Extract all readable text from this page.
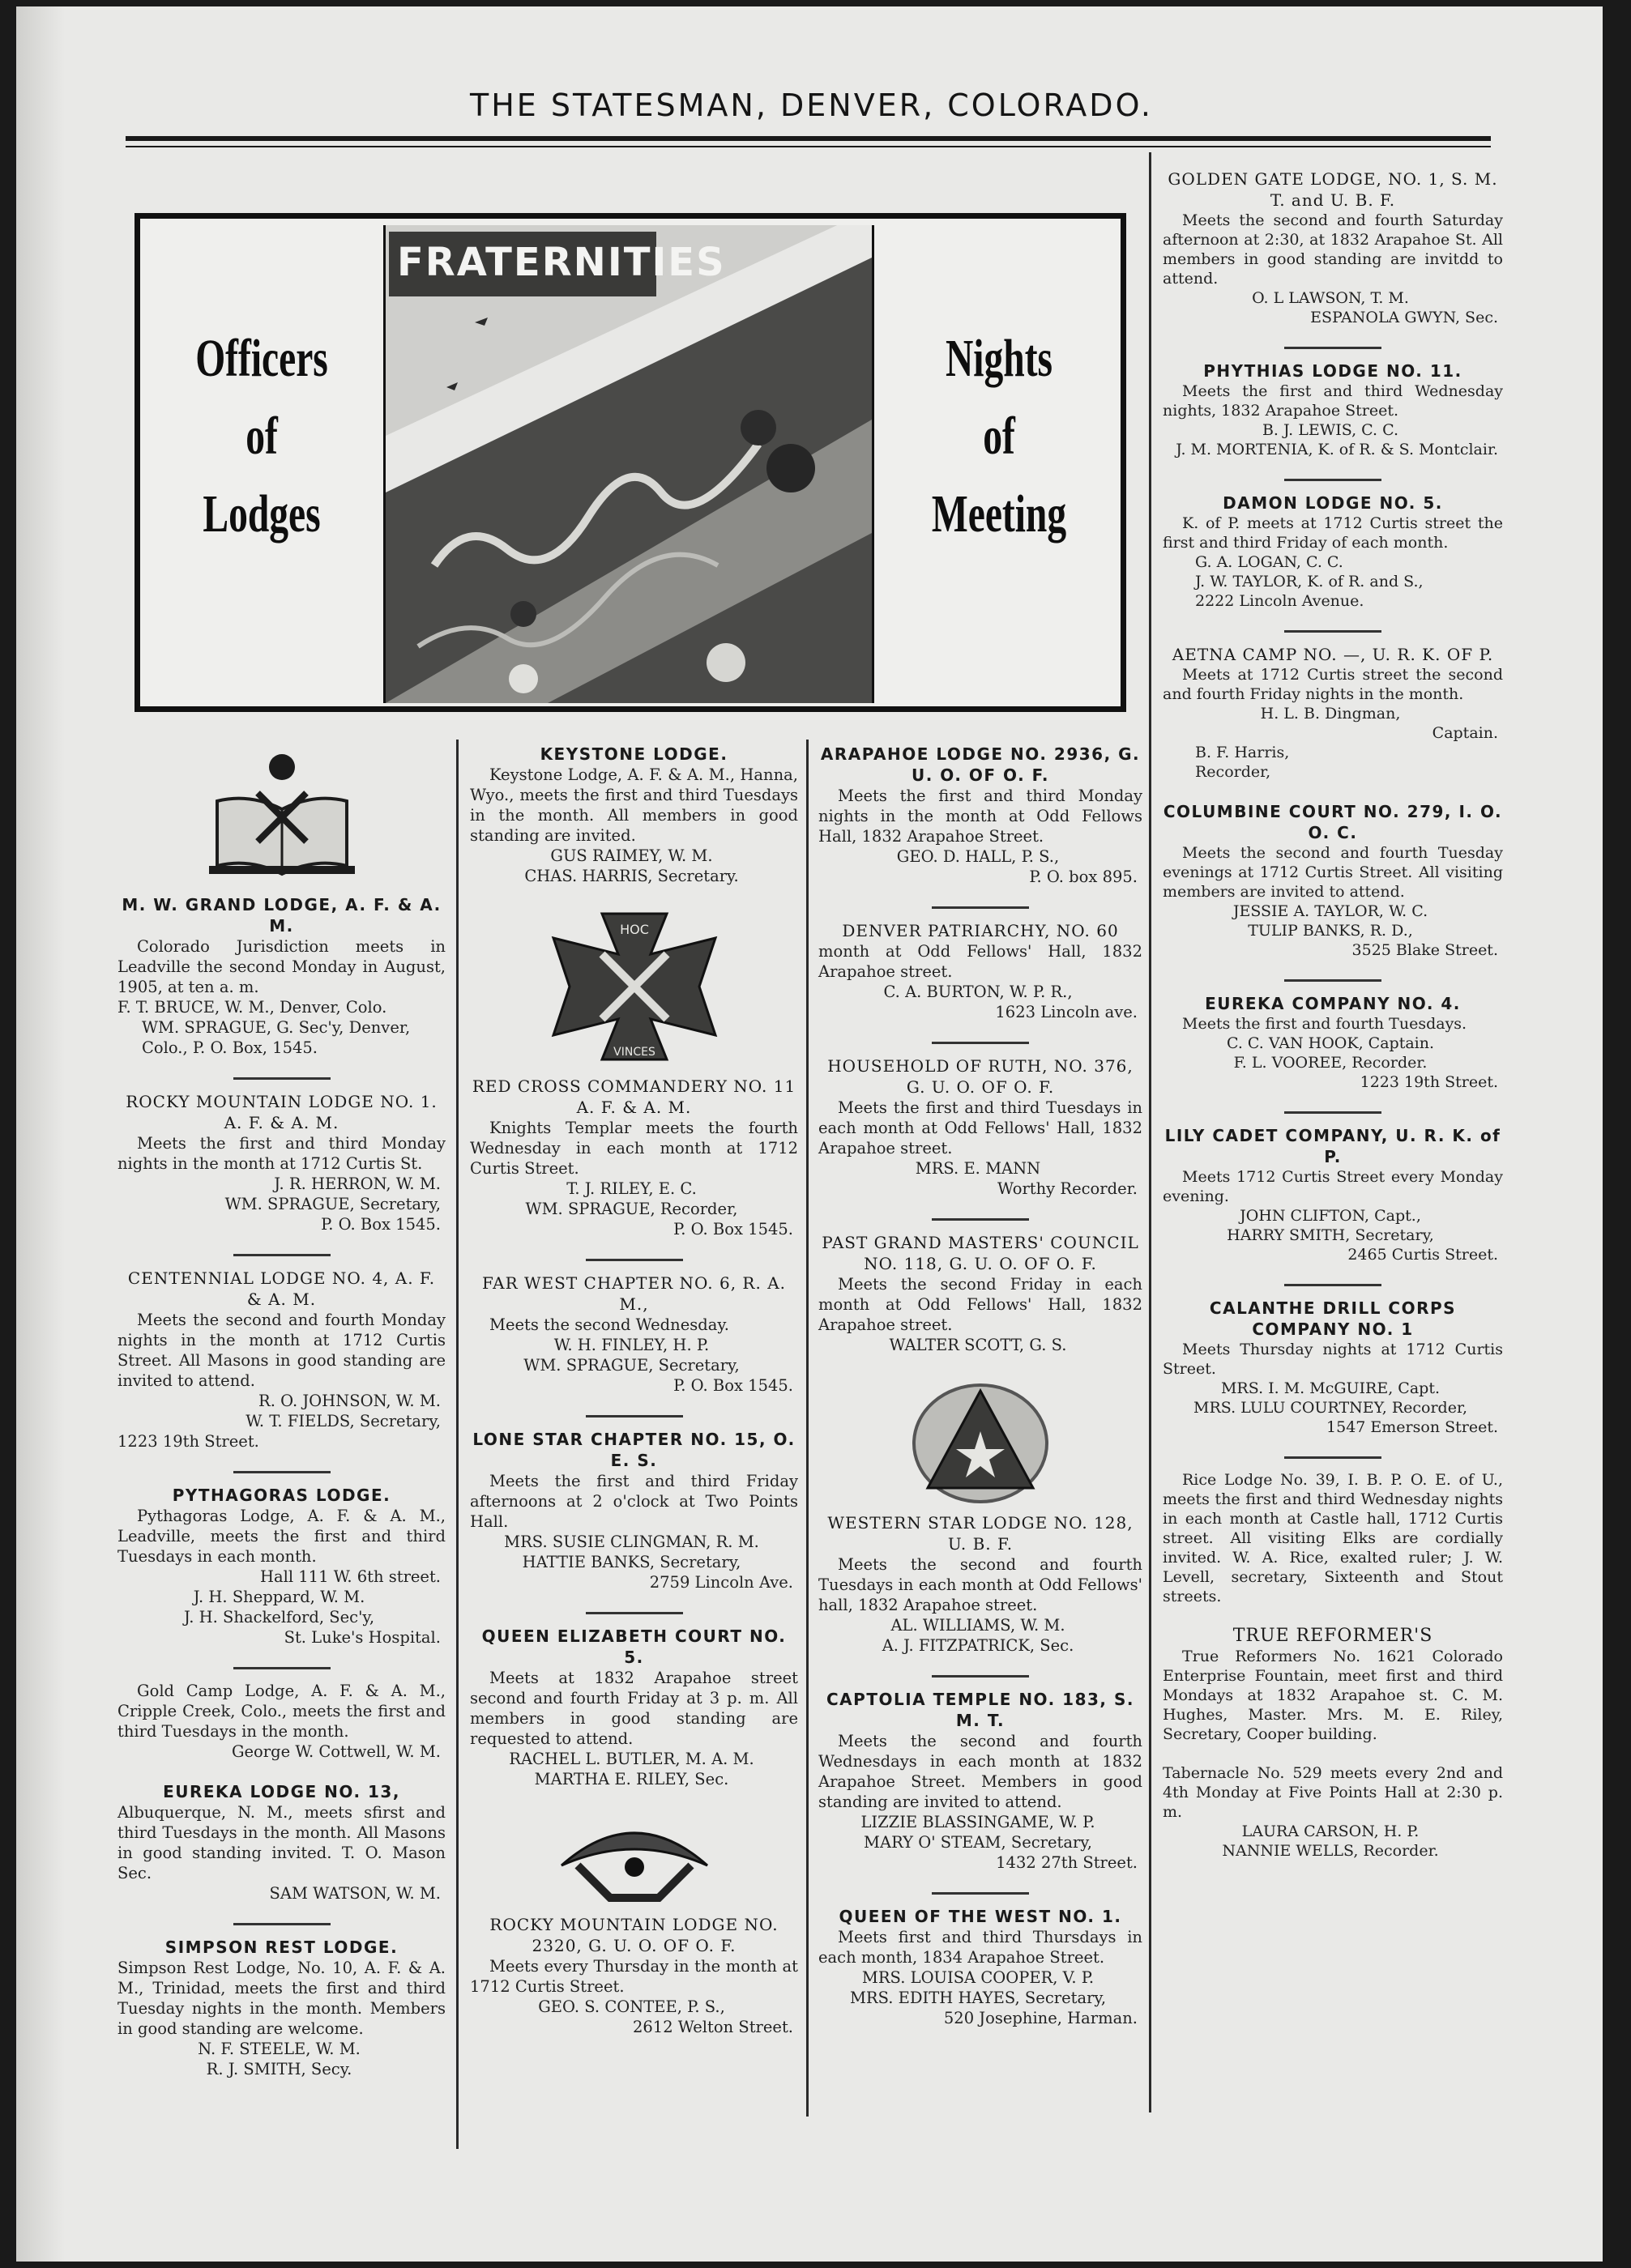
THE STATESMAN, DENVER, COLORADO.
Officers
of
Lodges
Nights
of
Meeting
FRATERNITIES
M. W. GRAND LODGE, A. F. & A. M.
Colorado Jurisdiction meets in Leadville the second Monday in August, 1905, at ten a. m.
F. T. BRUCE, W. M., Denver, Colo.
WM. SPRAGUE, G. Sec'y, Denver, Colo., P. O. Box, 1545.
ROCKY MOUNTAIN LODGE NO. 1. A. F. & A. M.
Meets the first and third Monday nights in the month at 1712 Curtis St.
J. R. HERRON, W. M.
WM. SPRAGUE, Secretary,
P. O. Box 1545.
CENTENNIAL LODGE NO. 4, A. F. & A. M.
Meets the second and fourth Monday nights in the month at 1712 Curtis Street. All Masons in good standing are invited to attend.
R. O. JOHNSON, W. M.
W. T. FIELDS, Secretary,
1223 19th Street.
PYTHAGORAS LODGE.
Pythagoras Lodge, A. F. & A. M., Leadville, meets the first and third Tuesdays in each month.
Hall 111 W. 6th street.
J. H. Sheppard, W. M.
J. H. Shackelford, Sec'y,
St. Luke's Hospital.
Gold Camp Lodge, A. F. & A. M., Cripple Creek, Colo., meets the first and third Tuesdays in the month.
George W. Cottwell, W. M.
EUREKA LODGE NO. 13,
Albuquerque, N. M., meets sfirst and third Tuesdays in the month. All Masons in good standing invited. T. O. Mason Sec.
SAM WATSON, W. M.
SIMPSON REST LODGE.
Simpson Rest Lodge, No. 10, A. F. & A. M., Trinidad, meets the first and third Tuesday nights in the month. Members in good standing are welcome.
N. F. STEELE, W. M.
R. J. SMITH, Secy.
KEYSTONE LODGE.
Keystone Lodge, A. F. & A. M., Hanna, Wyo., meets the first and third Tuesdays in the month. All members in good standing are invited.
GUS RAIMEY, W. M.
CHAS. HARRIS, Secretary.
HOC
VINCES
RED CROSS COMMANDERY NO. 11 A. F. & A. M.
Knights Templar meets the fourth Wednesday in each month at 1712 Curtis Street.
T. J. RILEY, E. C.
WM. SPRAGUE, Recorder,
P. O. Box 1545.
FAR WEST CHAPTER NO. 6, R. A. M.,
Meets the second Wednesday.
W. H. FINLEY, H. P.
WM. SPRAGUE, Secretary,
P. O. Box 1545.
LONE STAR CHAPTER NO. 15, O. E. S.
Meets the first and third Friday afternoons at 2 o'clock at Two Points Hall.
MRS. SUSIE CLINGMAN, R. M.
HATTIE BANKS, Secretary,
2759 Lincoln Ave.
QUEEN ELIZABETH COURT NO. 5.
Meets at 1832 Arapahoe street second and fourth Friday at 3 p. m. All members in good standing are requested to attend.
RACHEL L. BUTLER, M. A. M.
MARTHA E. RILEY, Sec.
ROCKY MOUNTAIN LODGE NO. 2320, G. U. O. OF O. F.
Meets every Thursday in the month at 1712 Curtis Street.
GEO. S. CONTEE, P. S.,
2612 Welton Street.
ARAPAHOE LODGE NO. 2936, G. U. O. OF O. F.
Meets the first and third Monday nights in the month at Odd Fellows Hall, 1832 Arapahoe Street.
GEO. D. HALL, P. S.,
P. O. box 895.
DENVER PATRIARCHY, NO. 60
month at Odd Fellows' Hall, 1832 Arapahoe street.
C. A. BURTON, W. P. R.,
1623 Lincoln ave.
HOUSEHOLD OF RUTH, NO. 376, G. U. O. OF O. F.
Meets the first and third Tuesdays in each month at Odd Fellows' Hall, 1832 Arapahoe street.
MRS. E. MANN
Worthy Recorder.
PAST GRAND MASTERS' COUNCIL NO. 118, G. U. O. OF O. F.
Meets the second Friday in each month at Odd Fellows' Hall, 1832 Arapahoe street.
WALTER SCOTT, G. S.
WESTERN STAR LODGE NO. 128, U. B. F.
Meets the second and fourth Tuesdays in each month at Odd Fellows' hall, 1832 Arapahoe street.
AL. WILLIAMS, W. M.
A. J. FITZPATRICK, Sec.
CAPTOLIA TEMPLE NO. 183, S. M. T.
Meets the second and fourth Wednesdays in each month at 1832 Arapahoe Street. Members in good standing are invited to attend.
LIZZIE BLASSINGAME, W. P.
MARY O' STEAM, Secretary,
1432 27th Street.
QUEEN OF THE WEST NO. 1.
Meets first and third Thursdays in each month, 1834 Arapahoe Street.
MRS. LOUISA COOPER, V. P.
MRS. EDITH HAYES, Secretary,
520 Josephine, Harman.
GOLDEN GATE LODGE, NO. 1, S. M. T. and U. B. F.
Meets the second and fourth Saturday afternoon at 2:30, at 1832 Arapahoe St. All members in good standing are invitdd to attend.
O. L LAWSON, T. M.
ESPANOLA GWYN, Sec.
PHYTHIAS LODGE NO. 11.
Meets the first and third Wednesday nights, 1832 Arapahoe Street.
B. J. LEWIS, C. C.
J. M. MORTENIA, K. of R. & S. Montclair.
DAMON LODGE NO. 5.
K. of P. meets at 1712 Curtis street the first and third Friday of each month.
G. A. LOGAN, C. C.
J. W. TAYLOR, K. of R. and S.,
2222 Lincoln Avenue.
AETNA CAMP NO. —, U. R. K. OF P.
Meets at 1712 Curtis street the second and fourth Friday nights in the month.
H. L. B. Dingman,
Captain.
B. F. Harris,
Recorder,
COLUMBINE COURT NO. 279, I. O. O. C.
Meets the second and fourth Tuesday evenings at 1712 Curtis Street. All visiting members are invited to attend.
JESSIE A. TAYLOR, W. C.
TULIP BANKS, R. D.,
3525 Blake Street.
EUREKA COMPANY NO. 4.
Meets the first and fourth Tuesdays.
C. C. VAN HOOK, Captain.
F. L. VOOREE, Recorder.
1223 19th Street.
LILY CADET COMPANY, U. R. K. of P.
Meets 1712 Curtis Street every Monday evening.
JOHN CLIFTON, Capt.,
HARRY SMITH, Secretary,
2465 Curtis Street.
CALANTHE DRILL CORPS COMPANY NO. 1
Meets Thursday nights at 1712 Curtis Street.
MRS. I. M. McGUIRE, Capt.
MRS. LULU COURTNEY, Recorder,
1547 Emerson Street.
Rice Lodge No. 39, I. B. P. O. E. of U., meets the first and third Wednesday nights in each month at Castle hall, 1712 Curtis street. All visiting Elks are cordially invited. W. A. Rice, exalted ruler; J. W. Levell, secretary, Sixteenth and Stout streets.
TRUE REFORMER'S
True Reformers No. 1621 Colorado Enterprise Fountain, meet first and third Mondays at 1832 Arapahoe st. C. M. Hughes, Master. Mrs. M. E. Riley, Secretary, Cooper building.
Tabernacle No. 529 meets every 2nd and 4th Monday at Five Points Hall at 2:30 p. m.
LAURA CARSON, H. P.
NANNIE WELLS, Recorder.
